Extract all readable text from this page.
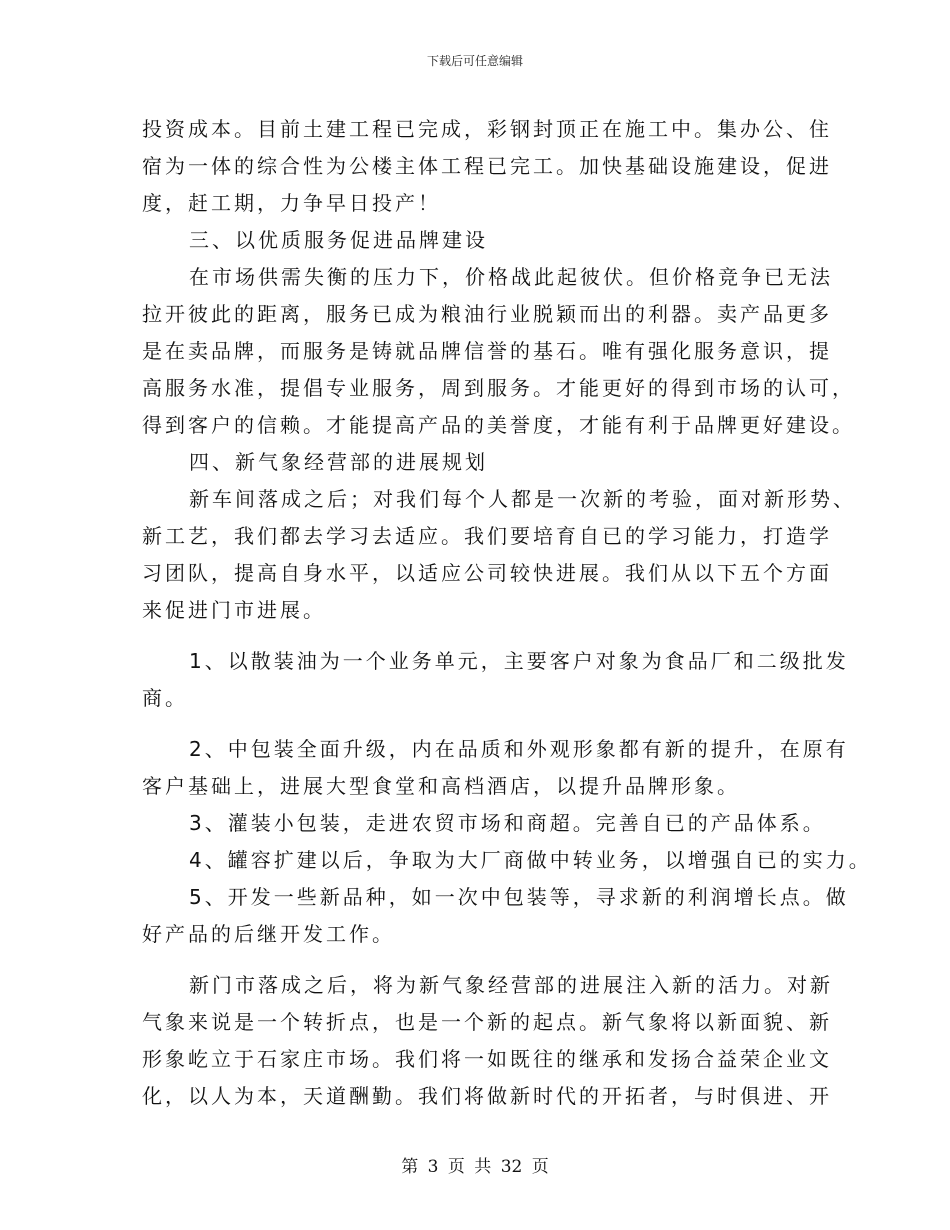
下载后可任意编辑
投资成本。目前土建工程已完成，彩钢封顶正在施工中。集办公、住
宿为一体的综合性为公楼主体工程已完工。加快基础设施建设，促进
度，赶工期，力争早日投产！
三、以优质服务促进品牌建设
在市场供需失衡的压力下，价格战此起彼伏。但价格竞争已无法
拉开彼此的距离，服务已成为粮油行业脱颖而出的利器。卖产品更多
是在卖品牌，而服务是铸就品牌信誉的基石。唯有强化服务意识，提
高服务水准，提倡专业服务，周到服务。才能更好的得到市场的认可，
得到客户的信赖。才能提高产品的美誉度，才能有利于品牌更好建设。
四、新气象经营部的进展规划
新车间落成之后；对我们每个人都是一次新的考验，面对新形势、
新工艺，我们都去学习去适应。我们要培育自已的学习能力，打造学
习团队，提高自身水平，以适应公司较快进展。我们从以下五个方面
来促进门市进展。
1、以散装油为一个业务单元，主要客户对象为食品厂和二级批发
商。
2、中包装全面升级，内在品质和外观形象都有新的提升，在原有
客户基础上，进展大型食堂和高档酒店，以提升品牌形象。
3、灌装小包装，走进农贸市场和商超。完善自已的产品体系。
4、罐容扩建以后，争取为大厂商做中转业务，以增强自已的实力。
5、开发一些新品种，如一次中包装等，寻求新的利润增长点。做
好产品的后继开发工作。
新门市落成之后，将为新气象经营部的进展注入新的活力。对新
气象来说是一个转折点，也是一个新的起点。新气象将以新面貌、新
形象屹立于石家庄市场。我们将一如既往的继承和发扬合益荣企业文
化，以人为本，天道酬勤。我们将做新时代的开拓者，与时俱进、开
第 3 页 共 32 页
